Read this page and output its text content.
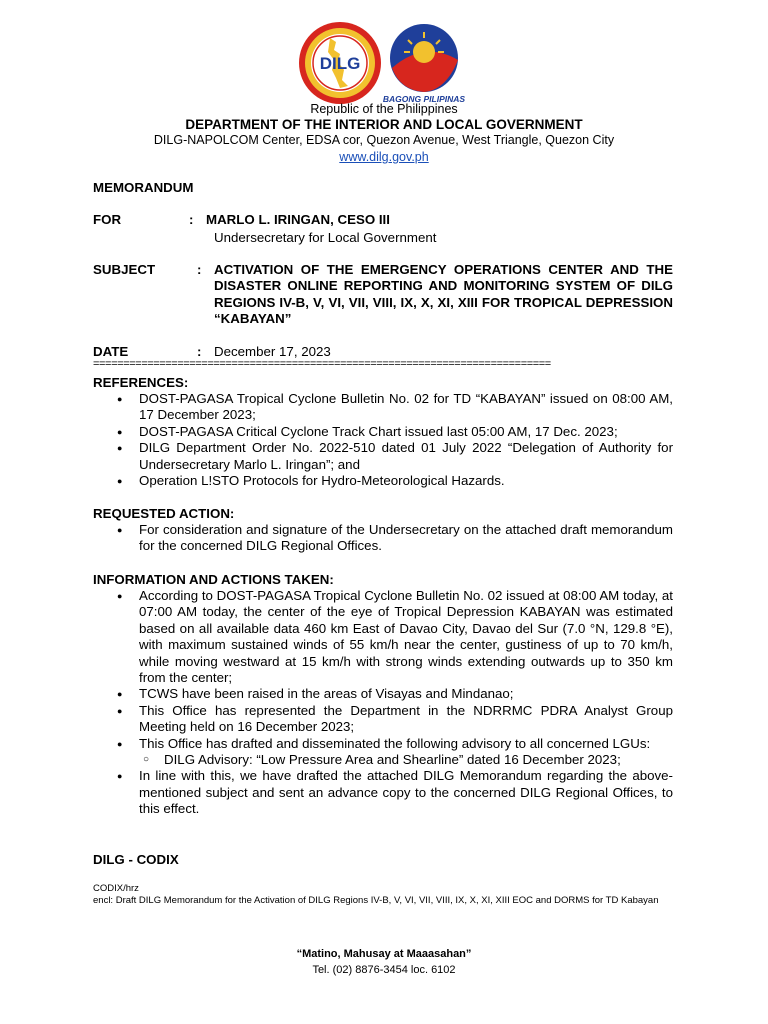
DILG
BAGONG PILIPINAS
Republic of the Philippines
DEPARTMENT OF THE INTERIOR AND LOCAL GOVERNMENT
DILG-NAPOLCOM Center, EDSA cor, Quezon Avenue, West Triangle, Quezon City
www.dilg.gov.ph
MEMORANDUM
FOR	: MARLO L. IRINGAN, CESO III
Undersecretary for Local Government
SUBJECT	: ACTIVATION OF THE EMERGENCY OPERATIONS CENTER AND THE DISASTER ONLINE REPORTING AND MONITORING SYSTEM OF DILG REGIONS IV-B, V, VI, VII, VIII, IX, X, XI, XIII FOR TROPICAL DEPRESSION “KABAYAN”
DATE	: December 17, 2023
============================================================================
REFERENCES:
● DOST-PAGASA Tropical Cyclone Bulletin No. 02 for TD “KABAYAN” issued on 08:00 AM, 17 December 2023;
● DOST-PAGASA Critical Cyclone Track Chart issued last 05:00 AM, 17 Dec. 2023;
● DILG Department Order No. 2022-510 dated 01 July 2022 “Delegation of Authority for Undersecretary Marlo L. Iringan”; and
● Operation L!STO Protocols for Hydro-Meteorological Hazards.
REQUESTED ACTION:
● For consideration and signature of the Undersecretary on the attached draft memorandum for the concerned DILG Regional Offices.
INFORMATION AND ACTIONS TAKEN:
● According to DOST-PAGASA Tropical Cyclone Bulletin No. 02 issued at 08:00 AM today, at 07:00 AM today, the center of the eye of Tropical Depression KABAYAN was estimated based on all available data 460 km East of Davao City, Davao del Sur (7.0 °N, 129.8 °E), with maximum sustained winds of 55 km/h near the center, gustiness of up to 70 km/h, while moving westward at 15 km/h with strong winds extending outwards up to 350 km from the center;
● TCWS have been raised in the areas of Visayas and Mindanao;
● This Office has represented the Department in the NDRRMC PDRA Analyst Group Meeting held on 16 December 2023;
● This Office has drafted and disseminated the following advisory to all concerned LGUs:
○ DILG Advisory: “Low Pressure Area and Shearline” dated 16 December 2023;
● In line with this, we have drafted the attached DILG Memorandum regarding the above-mentioned subject and sent an advance copy to the concerned DILG Regional Offices, to this effect.
DILG - CODIX
CODIX/hrz
encl: Draft DILG Memorandum for the Activation of DILG Regions IV-B, V, VI, VII, VIII, IX, X, XI, XIII EOC and DORMS for TD Kabayan
“Matino, Mahusay at Maaasahan”
Tel. (02) 8876-3454 loc. 6102
